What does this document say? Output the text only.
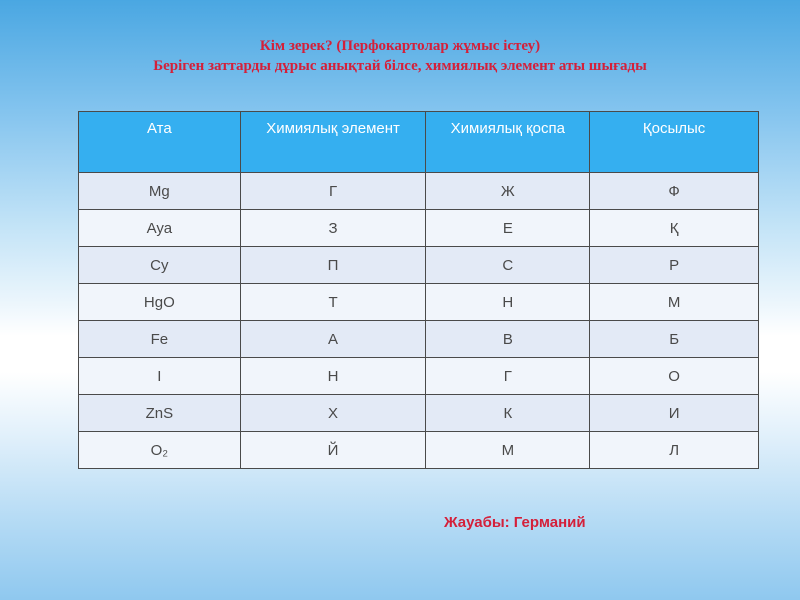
Кім зерек? (Перфокартолар жұмыс істеу)
Берiген заттарды дұрыс анықтай білсе, химиялық элемент аты шығады
Ата	Химиялық элемент	Химиялық қоспа	Қосылыс
Mg	Г	Ж	Ф
Ауа	З	Е	Қ
Су	П	С	Р
HgO	Т	Н	М
Fe	А	В	Б
I	Н	Г	О
ZnS	Х	К	И
O₂	Й	М	Л
Жауабы: Германий
